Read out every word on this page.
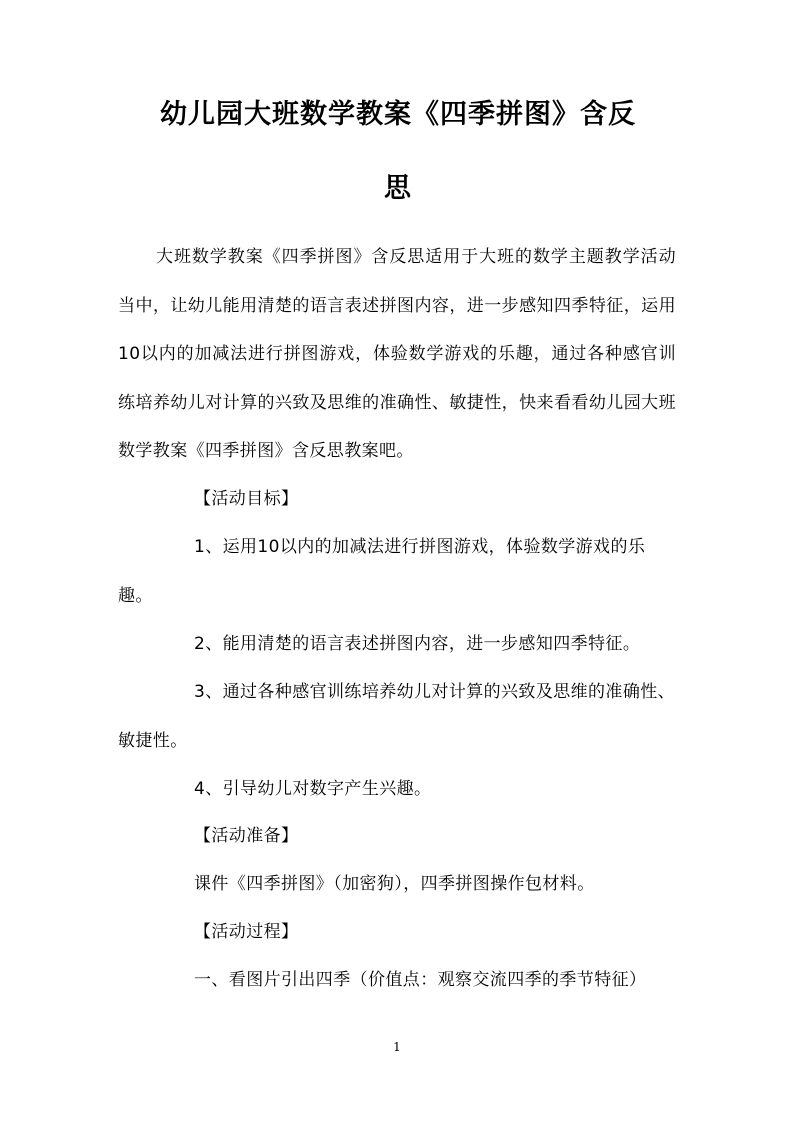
幼儿园大班数学教案《四季拼图》含反
思
大班数学教案《四季拼图》含反思适用于大班的数学主题教学活动当中，让幼儿能用清楚的语言表述拼图内容，进一步感知四季特征，运用10以内的加减法进行拼图游戏，体验数学游戏的乐趣，通过各种感官训练培养幼儿对计算的兴致及思维的准确性、敏捷性，快来看看幼儿园大班数学教案《四季拼图》含反思教案吧。

【活动目标】

1、运用10以内的加减法进行拼图游戏，体验数学游戏的乐趣。

2、能用清楚的语言表述拼图内容，进一步感知四季特征。

3、通过各种感官训练培养幼儿对计算的兴致及思维的准确性、敏捷性。

4、引导幼儿对数字产生兴趣。

【活动准备】

课件《四季拼图》（加密狗），四季拼图操作包材料。

【活动过程】

一、看图片引出四季（价值点：观察交流四季的季节特征）

1
